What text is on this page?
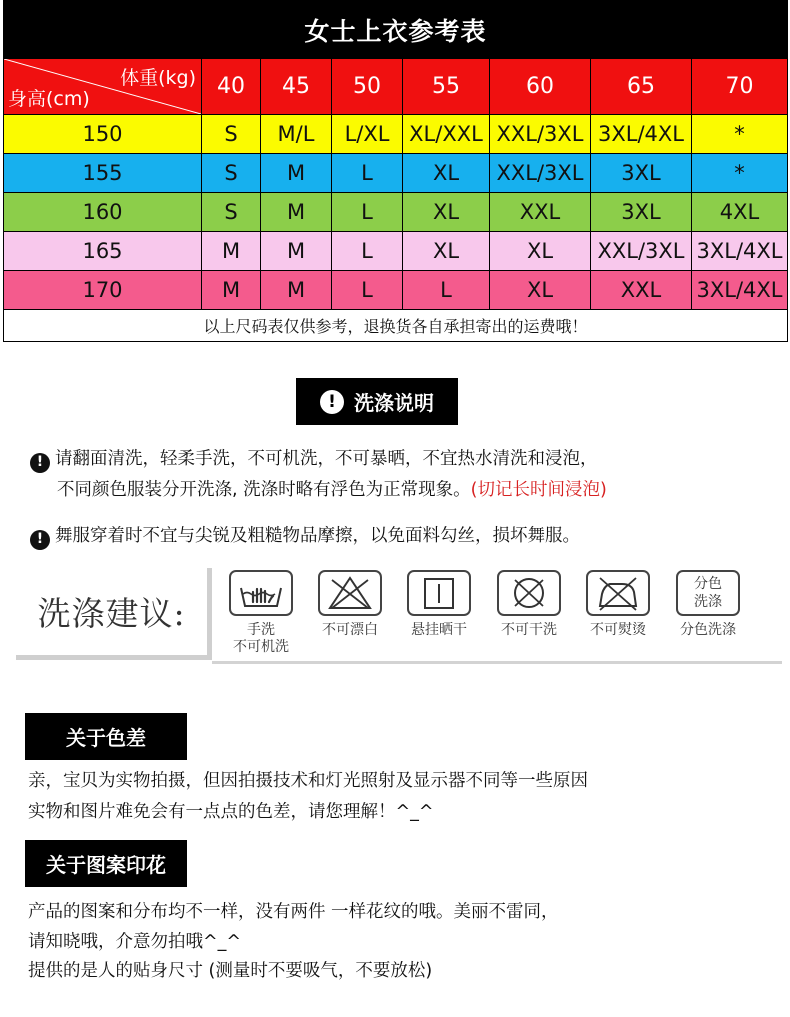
女士上衣参考表							

体重(kg)
身高(cm)	40	45	50	55	60	65	70
150	S	M/L	L/XL	XL/XXL	XXL/3XL	3XL/4XL	*
155	S	M	L	XL	XXL/3XL	3XL	*
160	S	M	L	XL	XXL	3XL	4XL
165	M	M	L	XL	XL	XXL/3XL	3XL/4XL
170	M	M	L	L	XL	XXL	3XL/4XL
以上尺码表仅供参考，退换货各自承担寄出的运费哦！							
! 洗涤说明
! 请翻面清洗，轻柔手洗，不可机洗，不可暴晒，不宜热水清洗和浸泡，
不同颜色服装分开洗涤, 洗涤时略有浮色为正常现象。(切记长时间浸泡)
! 舞服穿着时不宜与尖锐及粗糙物品摩擦，以免面料勾丝，损坏舞服。
洗涤建议:	手洗
不可机洗
不可漂白	悬挂晒干	不可干洗	不可熨烫
分色
洗涤
分色洗涤
关于色差
亲，宝贝为实物拍摄，但因拍摄技术和灯光照射及显示器不同等一些原因
实物和图片难免会有一点点的色差，请您理解！^_^
关于图案印花
产品的图案和分布均不一样，没有两件 一样花纹的哦。美丽不雷同，
请知晓哦，介意勿拍哦^_^
提供的是人的贴身尺寸 (测量时不要吸气，不要放松)
